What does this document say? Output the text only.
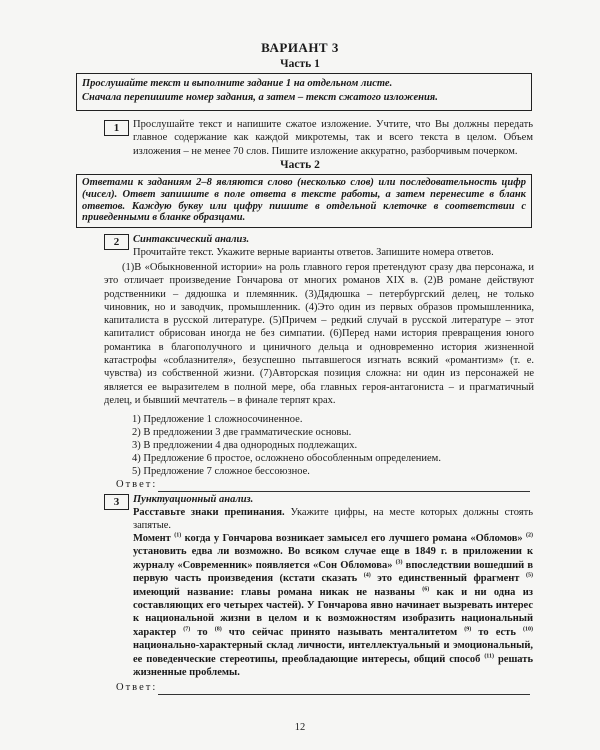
ВАРИАНТ 3
Часть 1
Прослушайте текст и выполните задание 1 на отдельном листе.
Сначала перепишите номер задания, а затем – текст сжатого изложения.
1	Прослушайте текст и напишите сжатое изложение. Учтите, что Вы должны передать главное содержание как каждой микротемы, так и всего текста в целом. Объем изложения – не менее 70 слов. Пишите изложение аккуратно, разборчивым почерком.
Часть 2
Ответами к заданиям 2–8 являются слово (несколько слов) или последовательность цифр (чисел). Ответ запишите в поле ответа в тексте работы, а затем перенесите в бланк ответов. Каждую букву или цифру пишите в отдельной клеточке в соответствии с приведенными в бланке образцами.
2	Синтаксический анализ.
Прочитайте текст. Укажите верные варианты ответов. Запишите номера ответов.
(1)В «Обыкновенной истории» на роль главного героя претендуют сразу два персонажа, и это отличает произведение Гончарова от многих романов XIX в. (2)В романе действуют родственники – дядюшка и племянник. (3)Дядюшка – петербургский делец, не только чиновник, но и заводчик, промышленник. (4)Это один из первых образов промышленника, капиталиста в русской литературе. (5)Причем – редкий случай в русской литературе – этот капиталист обрисован иногда не без симпатии. (6)Перед нами история превращения юного романтика в благополучного и циничного дельца и одновременно история жизненной катастрофы «соблазнителя», безуспешно пытавшегося изгнать всякий «романтизм» (т. е. чувства) из собственной жизни. (7)Авторская позиция сложна: ни один из персонажей не является ее выразителем в полной мере, оба главных героя-антагониста – и прагматичный делец, и бывший мечтатель – в финале терпят крах.
1) Предложение 1 сложносочиненное.
2) В предложении 3 две грамматические основы.
3) В предложении 4 два однородных подлежащих.
4) Предложение 6 простое, осложнено обособленным определением.
5) Предложение 7 сложное бессоюзное.
Ответ:
3	Пунктуационный анализ.
Расставьте знаки препинания. Укажите цифры, на месте которых должны стоять запятые.
Момент $^{(1)}$ когда у Гончарова возникает замысел его лучшего романа «Обломов» $^{(2)}$ установить едва ли возможно. Во всяком случае еще в 1849 г. в приложении к журналу «Современник» появляется «Сон Обломова» $^{(3)}$ впоследствии вошедший в первую часть произведения (кстати сказать $^{(4)}$ это единственный фрагмент $^{(5)}$ имеющий название: главы романа никак не названы $^{(6)}$ как и ни одна из составляющих его четырех частей). У Гончарова явно начинает вызревать интерес к национальной жизни в целом и к возможностям изобразить национальный характер $^{(7)}$ то $^{(8)}$ что сейчас принято называть менталитетом $^{(9)}$ то есть $^{(10)}$ национально-характерный склад личности, интеллектуальный и эмоциональный, ее поведенческие стереотипы, преобладающие интересы, общий способ $^{(11)}$ решать жизненные проблемы.
Ответ:
12
